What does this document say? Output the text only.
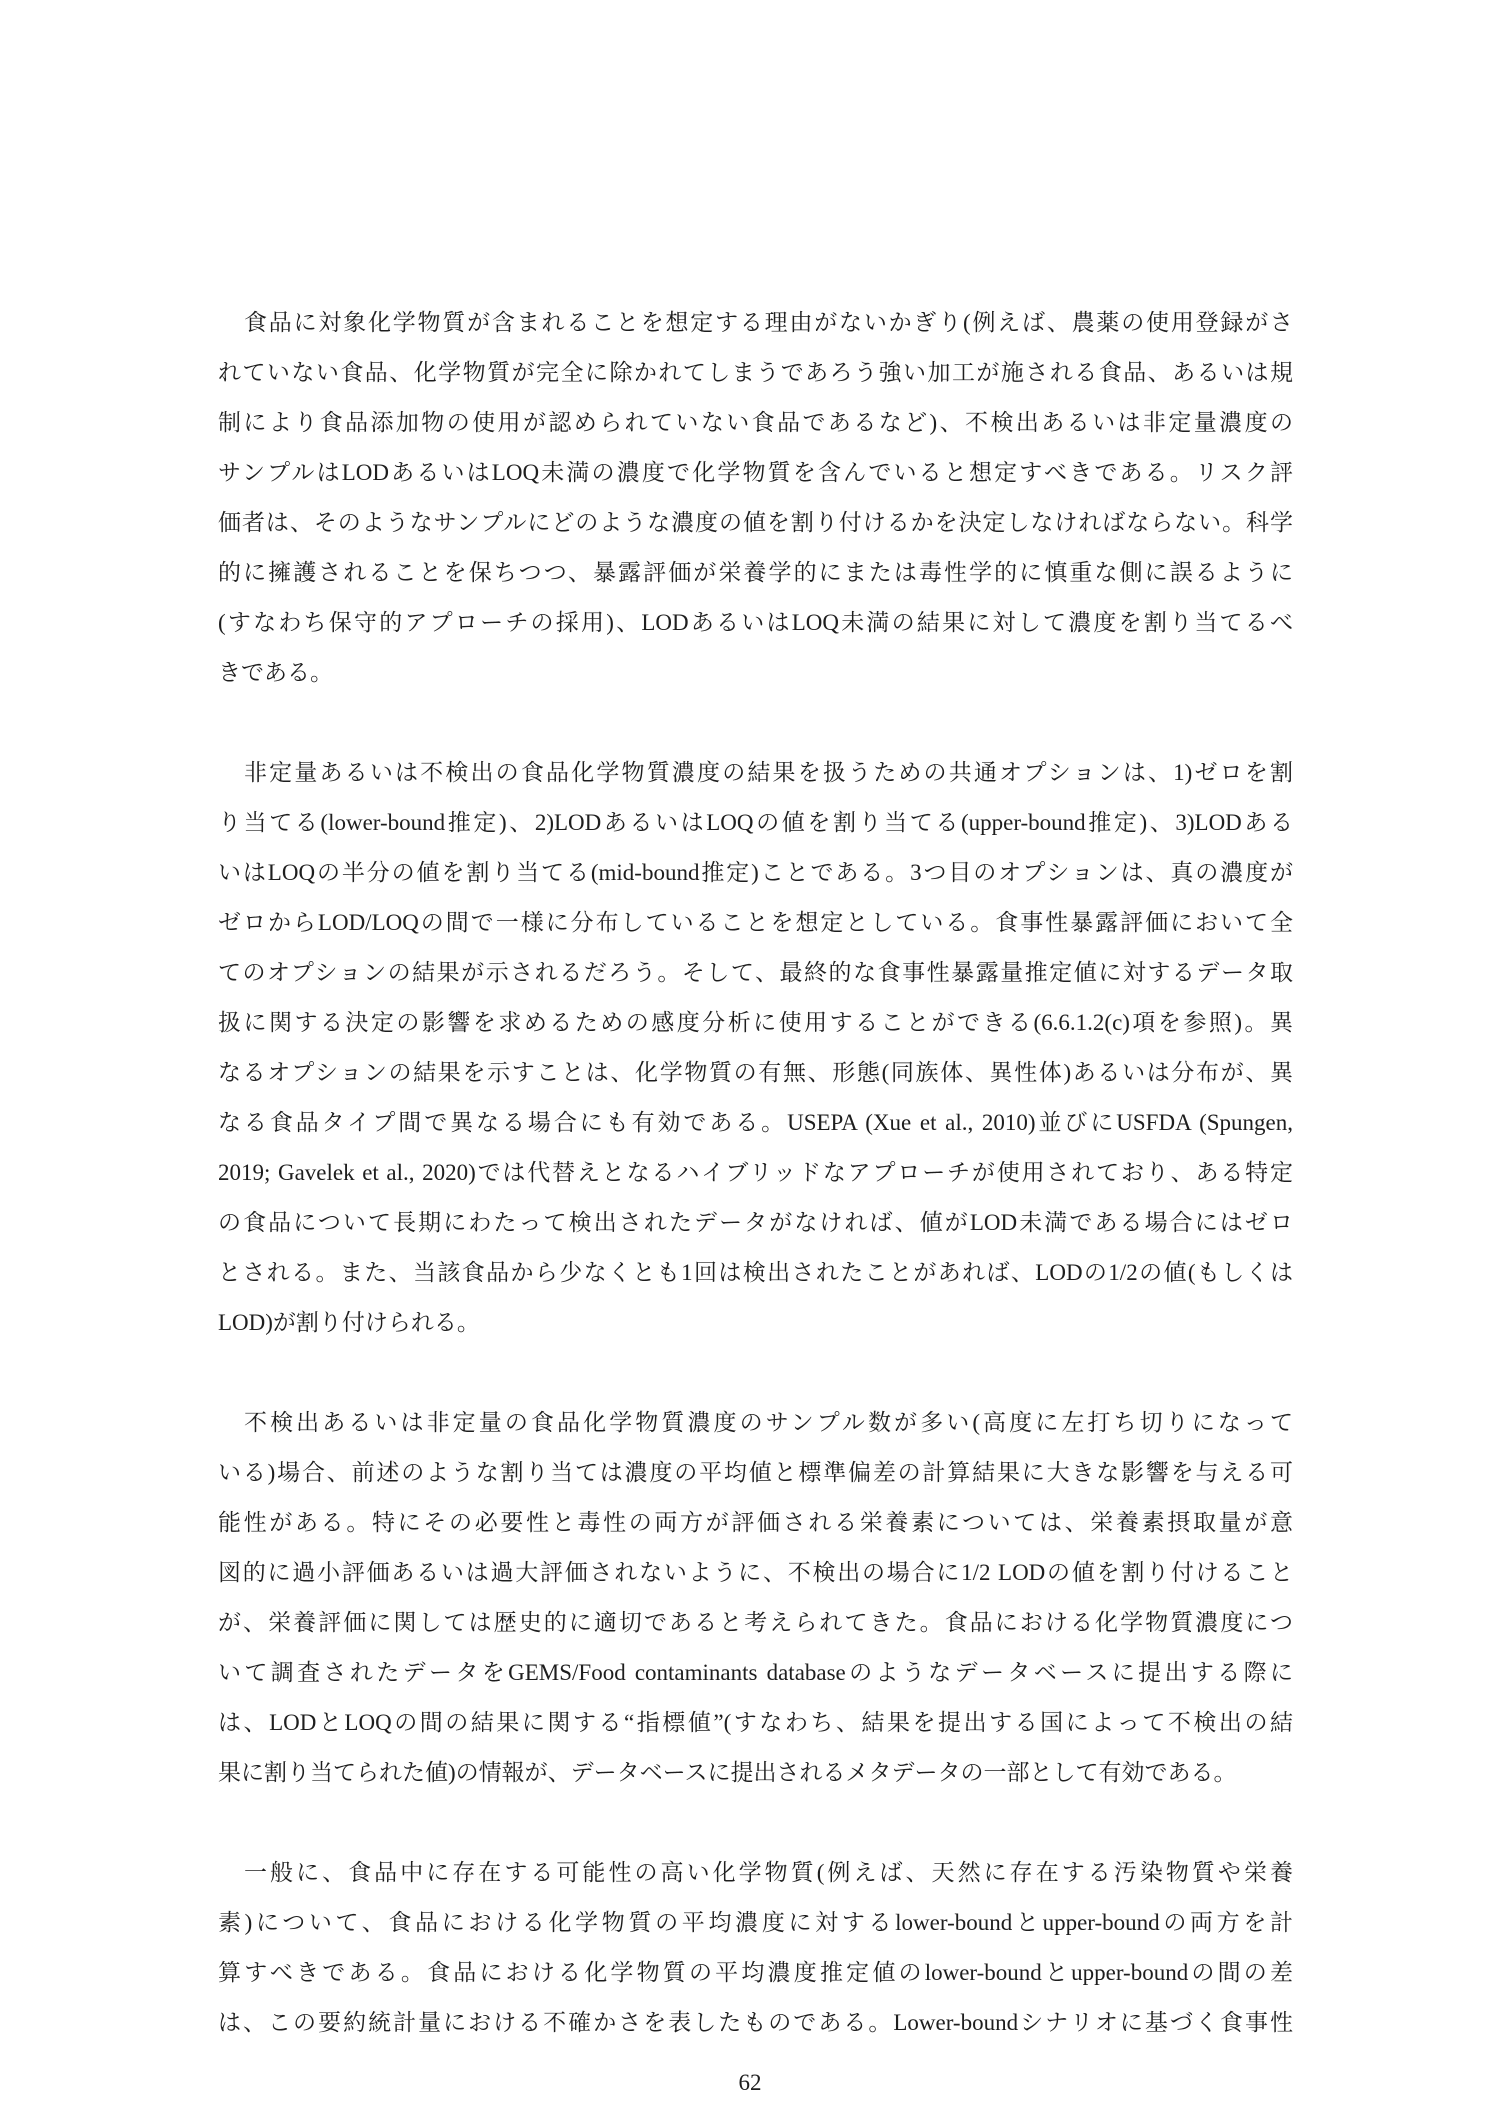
食品に対象化学物質が含まれることを想定する理由がないかぎり(例えば、農薬の使用登録がさ
れていない食品、化学物質が完全に除かれてしまうであろう強い加工が施される食品、あるいは規
制により食品添加物の使用が認められていない食品であるなど)、不検出あるいは非定量濃度の
サンプルはLODあるいはLOQ未満の濃度で化学物質を含んでいると想定すべきである。リスク評
価者は、そのようなサンプルにどのような濃度の値を割り付けるかを決定しなければならない。科学
的に擁護されることを保ちつつ、暴露評価が栄養学的にまたは毒性学的に慎重な側に誤るように
(すなわち保守的アプローチの採用)、LODあるいはLOQ未満の結果に対して濃度を割り当てるべ
きである。
非定量あるいは不検出の食品化学物質濃度の結果を扱うための共通オプションは、1)ゼロを割
り当てる(lower-bound推定)、2)LODあるいはLOQの値を割り当てる(upper-bound推定)、3)LODある
いはLOQの半分の値を割り当てる(mid-bound推定)ことである。3つ目のオプションは、真の濃度が
ゼロからLOD/LOQの間で一様に分布していることを想定としている。食事性暴露評価において全
てのオプションの結果が示されるだろう。そして、最終的な食事性暴露量推定値に対するデータ取
扱に関する決定の影響を求めるための感度分析に使用することができる(6.6.1.2(c)項を参照)。異
なるオプションの結果を示すことは、化学物質の有無、形態(同族体、異性体)あるいは分布が、異
なる食品タイプ間で異なる場合にも有効である。USEPA (Xue et al., 2010)並びにUSFDA (Spungen,
2019; Gavelek et al., 2020)では代替えとなるハイブリッドなアプローチが使用されており、ある特定
の食品について長期にわたって検出されたデータがなければ、値がLOD未満である場合にはゼロ
とされる。また、当該食品から少なくとも1回は検出されたことがあれば、LODの1/2の値(もしくは
LOD)が割り付けられる。
不検出あるいは非定量の食品化学物質濃度のサンプル数が多い(高度に左打ち切りになって
いる)場合、前述のような割り当ては濃度の平均値と標準偏差の計算結果に大きな影響を与える可
能性がある。特にその必要性と毒性の両方が評価される栄養素については、栄養素摂取量が意
図的に過小評価あるいは過大評価されないように、不検出の場合に1/2 LODの値を割り付けること
が、栄養評価に関しては歴史的に適切であると考えられてきた。食品における化学物質濃度につ
いて調査されたデータをGEMS/Food contaminants databaseのようなデータベースに提出する際に
は、LODとLOQの間の結果に関する“指標値”(すなわち、結果を提出する国によって不検出の結
果に割り当てられた値)の情報が、データベースに提出されるメタデータの一部として有効である。
一般に、食品中に存在する可能性の高い化学物質(例えば、天然に存在する汚染物質や栄養
素)について、食品における化学物質の平均濃度に対するlower-boundとupper-boundの両方を計
算すべきである。食品における化学物質の平均濃度推定値のlower-boundとupper-boundの間の差
は、この要約統計量における不確かさを表したものである。Lower-boundシナリオに基づく食事性
62
